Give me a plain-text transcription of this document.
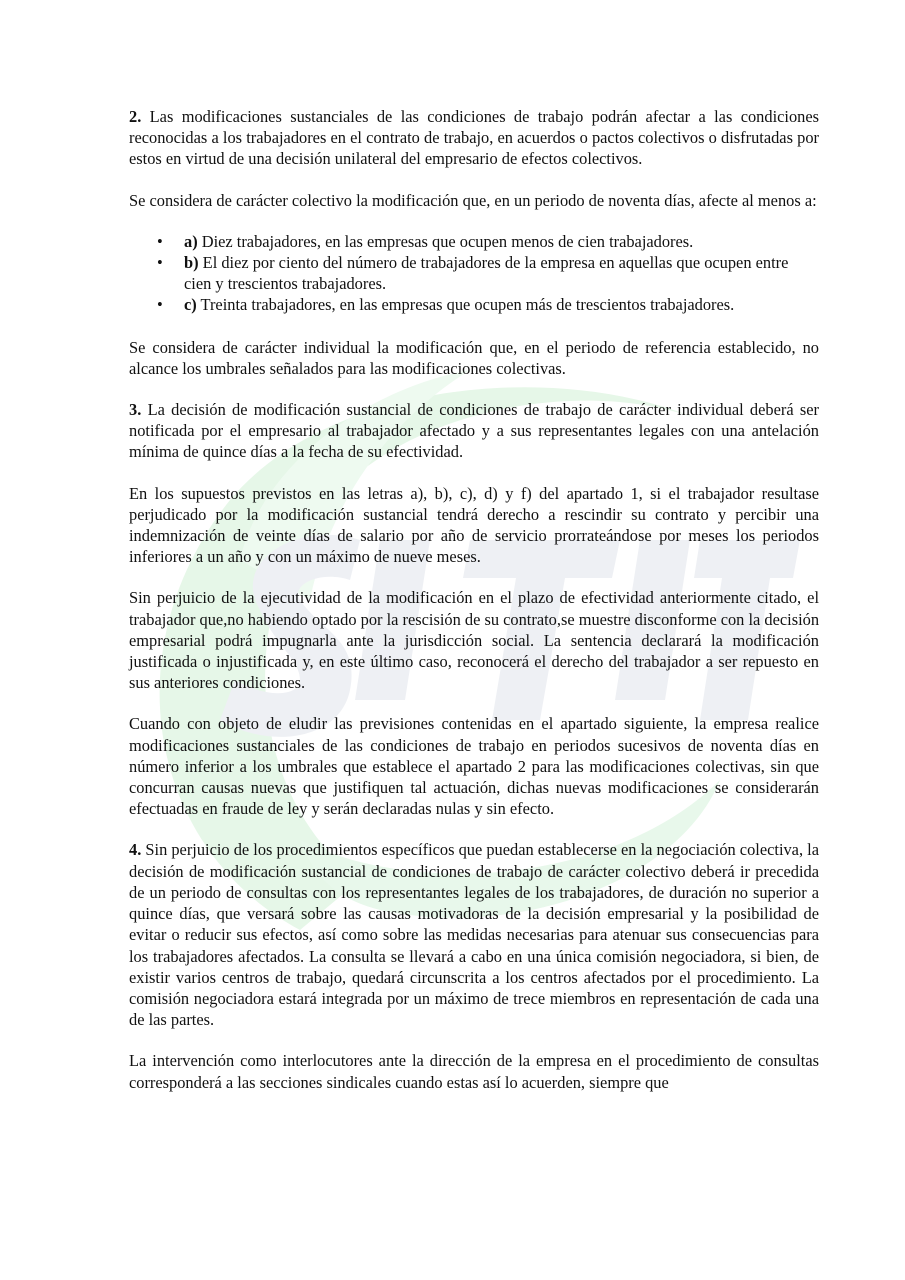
2. Las modificaciones sustanciales de las condiciones de trabajo podrán afectar a las condiciones reconocidas a los trabajadores en el contrato de trabajo, en acuerdos o pactos colectivos o disfrutadas por estos en virtud de una decisión unilateral del empresario de efectos colectivos.

Se considera de carácter colectivo la modificación que, en un periodo de noventa días, afecte al menos a:

• a) Diez trabajadores, en las empresas que ocupen menos de cien trabajadores.
• b) El diez por ciento del número de trabajadores de la empresa en aquellas que ocupen entre cien y trescientos trabajadores.
• c) Treinta trabajadores, en las empresas que ocupen más de trescientos trabajadores.

Se considera de carácter individual la modificación que, en el periodo de referencia establecido, no alcance los umbrales señalados para las modificaciones colectivas.

3. La decisión de modificación sustancial de condiciones de trabajo de carácter individual deberá ser notificada por el empresario al trabajador afectado y a sus representantes legales con una antelación mínima de quince días a la fecha de su efectividad.

En los supuestos previstos en las letras a), b), c), d) y f) del apartado 1, si el trabajador resultase perjudicado por la modificación sustancial tendrá derecho a rescindir su contrato y percibir una indemnización de veinte días de salario por año de servicio prorrateándose por meses los periodos inferiores a un año y con un máximo de nueve meses.

Sin perjuicio de la ejecutividad de la modificación en el plazo de efectividad anteriormente citado, el trabajador que,no habiendo optado por la rescisión de su contrato,se muestre disconforme con la decisión empresarial podrá impugnarla ante la jurisdicción social. La sentencia declarará la modificación justificada o injustificada y, en este último caso, reconocerá el derecho del trabajador a ser repuesto en sus anteriores condiciones.

Cuando con objeto de eludir las previsiones contenidas en el apartado siguiente, la empresa realice modificaciones sustanciales de las condiciones de trabajo en periodos sucesivos de noventa días en número inferior a los umbrales que establece el apartado 2 para las modificaciones colectivas, sin que concurran causas nuevas que justifiquen tal actuación, dichas nuevas modificaciones se considerarán efectuadas en fraude de ley y serán declaradas nulas y sin efecto.

4. Sin perjuicio de los procedimientos específicos que puedan establecerse en la negociación colectiva, la decisión de modificación sustancial de condiciones de trabajo de carácter colectivo deberá ir precedida de un periodo de consultas con los representantes legales de los trabajadores, de duración no superior a quince días, que versará sobre las causas motivadoras de la decisión empresarial y la posibilidad de evitar o reducir sus efectos, así como sobre las medidas necesarias para atenuar sus consecuencias para los trabajadores afectados. La consulta se llevará a cabo en una única comisión negociadora, si bien, de existir varios centros de trabajo, quedará circunscrita a los centros afectados por el procedimiento. La comisión negociadora estará integrada por un máximo de trece miembros en representación de cada una de las partes.

La intervención como interlocutores ante la dirección de la empresa en el procedimiento de consultas corresponderá a las secciones sindicales cuando estas así lo acuerden, siempre que
